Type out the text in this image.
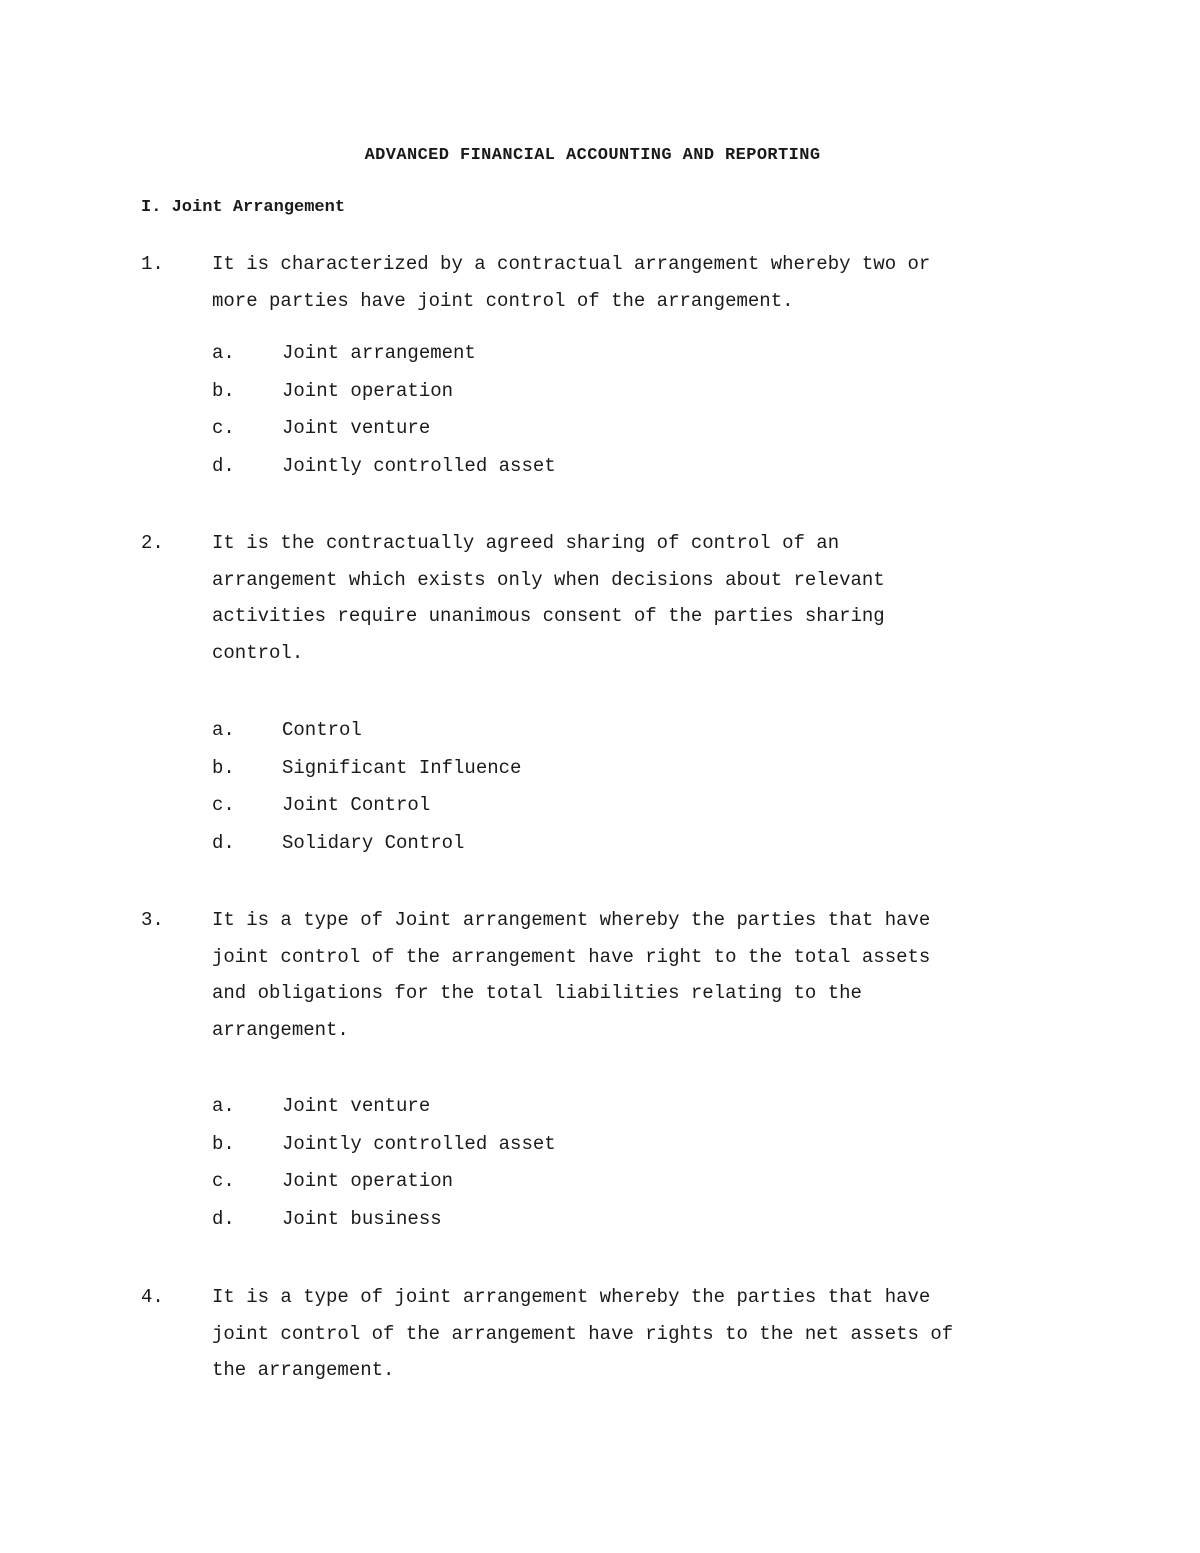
ADVANCED FINANCIAL ACCOUNTING AND REPORTING
I. Joint Arrangement
1.	It is characterized by a contractual arrangement whereby two or
more parties have joint control of the arrangement.
a. Joint arrangement
b. Joint operation
c. Joint venture
d. Jointly controlled asset
2.	It is the contractually agreed sharing of control of an
arrangement which exists only when decisions about relevant
activities require unanimous consent of the parties sharing
control.
a. Control
b. Significant Influence
c. Joint Control
d. Solidary Control
3.	It is a type of Joint arrangement whereby the parties that have
joint control of the arrangement have right to the total assets
and obligations for the total liabilities relating to the
arrangement.
a. Joint venture
b. Jointly controlled asset
c. Joint operation
d. Joint business
4.	It is a type of joint arrangement whereby the parties that have
joint control of the arrangement have rights to the net assets of
the arrangement.
